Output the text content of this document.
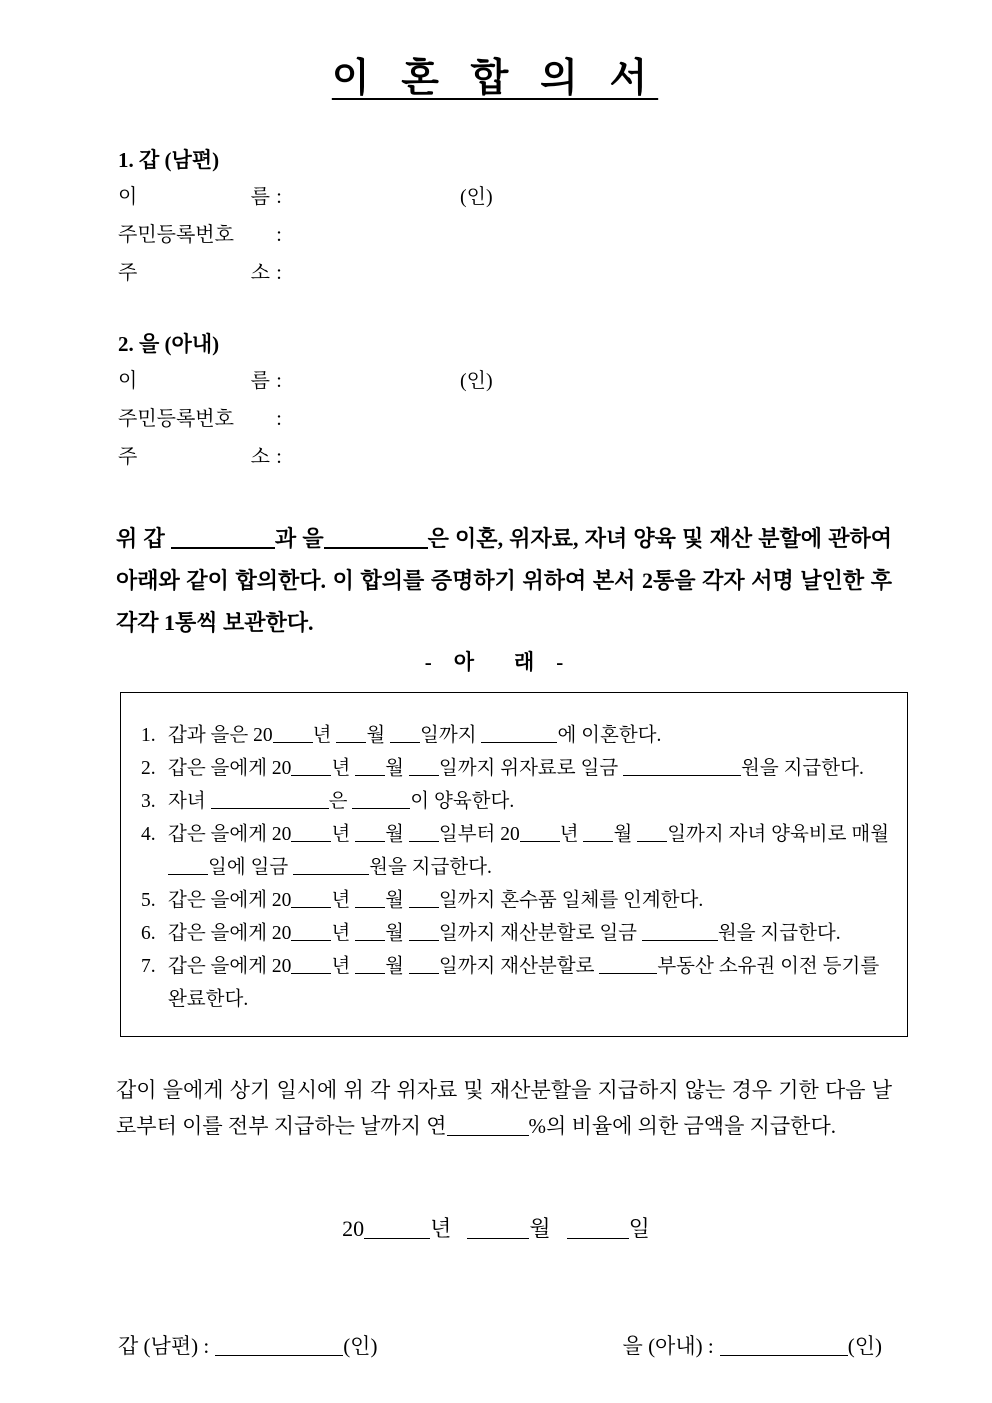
이 혼 합 의 서
1. 갑 (남편)
이 름 :	(인)
주민등록번호	:
주 소 :
2. 을 (아내)
이 름 :	(인)
주민등록번호	:
주 소 :
위 갑	과 을	은 이혼, 위자료, 자녀 양육 및 재산 분할에 관하여 아래와 같이 합의한다. 이 합의를 증명하기 위하여 본서 2통을 각자 서명 날인한 후 각각 1통씩 보관한다.
- 아 래 -
1. 갑과 을은 20 년 월 일까지	에 이혼한다.
2. 갑은 을에게 20 년 월 일까지 위자료로 일금	원을 지급한다.
3. 자녀	은	이 양육한다.
4. 갑은 을에게 20 년 월 일부터 20 년 월 일까지 자녀 양육비로 매월 일에 일금	원을 지급한다.
5. 갑은 을에게 20 년 월 일까지 혼수품 일체를 인계한다.
6. 갑은 을에게 20 년 월 일까지 재산분할로 일금	원을 지급한다.
7. 갑은 을에게 20 년 월 일까지 재산분할로	부동산 소유권 이전 등기를 완료한다.
갑이 을에게 상기 일시에 위 각 위자료 및 재산분할을 지급하지 않는 경우 기한 다음 날로부터 이를 전부 지급하는 날까지 연	%의 비율에 의한 금액을 지급한다.
20	년	월	일
갑 (남편) :	(인)	을 (아내) :	(인)
